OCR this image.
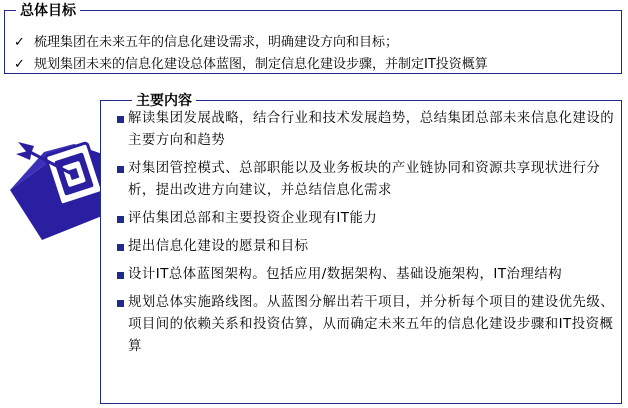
总体目标
✓ 梳理集团在未来五年的信息化建设需求，明确建设方向和目标；
✓ 规划集团未来的信息化建设总体蓝图，制定信息化建设步骤，并制定IT投资概算
主要内容
解读集团发展战略，结合行业和技术发展趋势，总结集团总部未来信息化建设的主要方向和趋势
对集团管控模式、总部职能以及业务板块的产业链协同和资源共享现状进行分析，提出改进方向建议，并总结信息化需求
评估集团总部和主要投资企业现有IT能力
提出信息化建设的愿景和目标
设计IT总体蓝图架构。包括应用/数据架构、基础设施架构，IT治理结构
规划总体实施路线图。从蓝图分解出若干项目，并分析每个项目的建设优先级、项目间的依赖关系和投资估算，从而确定未来五年的信息化建设步骤和IT投资概算
